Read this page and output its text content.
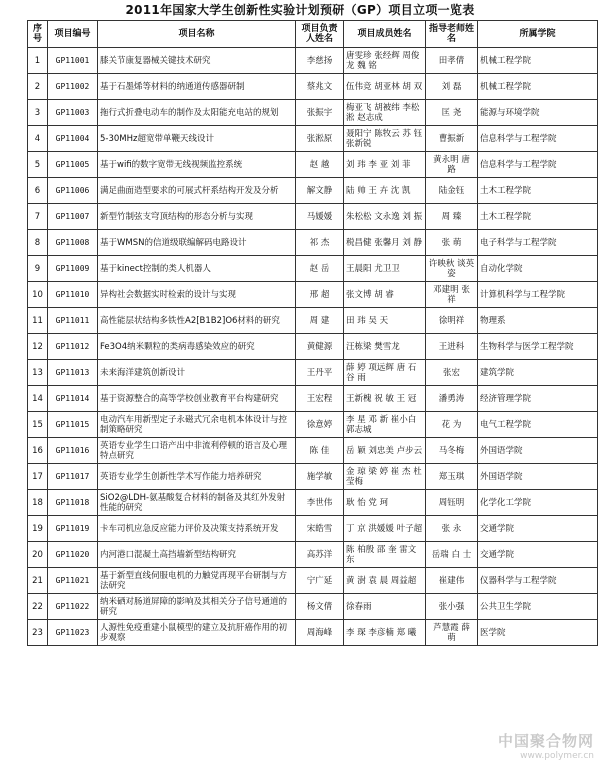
2011年国家大学生创新性实验计划预研（GP）项目立项一览表
序号	项目编号	项目名称	项目负责人姓名	项目成员姓名	指导老师姓名	所属学院
1	GP11001	膝关节康复器械关键技术研究	李慈扬	唐雯珍 张经辉 周俊龙 魏 铭	田孝倩	机械工程学院
2	GP11002	基于石墨烯等材料的纳通道传感器研制	蔡兆文	伍伟竞 胡亚林 胡 双	刘 磊	机械工程学院
3	GP11003	拖行式折叠电动车的制作及太阳能充电站的规划	张振宇	梅亚飞 胡被纬 李松淞 赵志成	匡 尧	能源与环境学院
4	GP11004	5-30MHz超宽带单鞭天线设计	张淞原	聂阳宁 陈牧云 苏 钰 张新锐	曹振新	信息科学与工程学院
5	GP11005	基于wifi的数字宽带无线视频监控系统	赵 越	刘 玮 李 亚 刘 菲	黄永明 唐 路	信息科学与工程学院
6	GP11006	满足曲面造型要求的可展式杆系结构开发及分析	解文静	陆 帅 王 卉 沈 凯	陆金钰	土木工程学院
7	GP11007	新型竹制弦支穹顶结构的形态分析与实现	马媛媛	朱松松 文永逸 刘 振	周 臻	土木工程学院
8	GP11008	基于WMSN的信道级联编解码电路设计	祁 杰	税昌健 张馨月 刘 静	张 萌	电子科学与工程学院
9	GP11009	基于kinect控制的类人机器人	赵 岳	王晨阳 尤卫卫	许映秋 谈英姿	自动化学院
10	GP11010	异构社会数据实时检索的设计与实现	邢 超	张文博 胡 睿	邓建明 张 祥	计算机科学与工程学院
11	GP11011	高性能层状结构多铁性A2[B1B2]O6材料的研究	周 建	田 玮 吴 天	徐明祥	物理系
12	GP11012	Fe3O4纳米颗粒的类病毒感染效应的研究	黄健源	汪栋梁 樊雪龙	王进科	生物科学与医学工程学院
13	GP11013	未来海洋建筑创新设计	王丹平	薛 婷 项远辉 唐 石 谷 雨	张宏	建筑学院
14	GP11014	基于资源整合的高等学校创业教育平台构建研究	王宏程	王新槐 祝 敏 王 冠	潘勇涛	经济管理学院
15	GP11015	电动汽车用新型定子永磁式冗余电机本体设计与控制策略研究	徐意婷	李 星 邓 新 崔小白 郭志城	花 为	电气工程学院
16	GP11016	英语专业学生口语产出中非流利停顿的语言及心理特点研究	陈 佳	岳 颖 刘忠美 卢步云	马冬梅	外国语学院
17	GP11017	英语专业学生创新性学术写作能力培养研究	施学敏	金 琼 梁 婷 崔 杰 杜莹梅	郑玉琪	外国语学院
18	GP11018	SiO2@LDH-氨基酸复合材料的制备及其红外发射性能的研究	李世伟	耿 怡 党 珂	周钰明	化学化工学院
19	GP11019	卡车司机应急反应能力评价及决策支持系统开发	宋皓雪	丁 京 洪媛媛 叶子超	张 永	交通学院
20	GP11020	内河港口混凝土高挡墙新型结构研究	高苏洋	陈 柏殷 邵 奎 雷文东	岳瑞 白 士	交通学院
21	GP11021	基于新型直线伺服电机的力触觉再现平台研制与方法研究	宁广延	黄 澍 袁 晨 周益超	崔建伟	仪器科学与工程学院
22	GP11022	纳米硒对肠道屏障的影响及其相关分子信号通道的研究	杨文倩	徐春雨	张小强	公共卫生学院
23	GP11023	人源性免疫重建小鼠模型的建立及抗肝癌作用的初步观察	周海峰	李 琛 李彦楠 郑 曦	芦慧霞 薛 萌	医学院
中国聚合物网
www.polymer.cn
